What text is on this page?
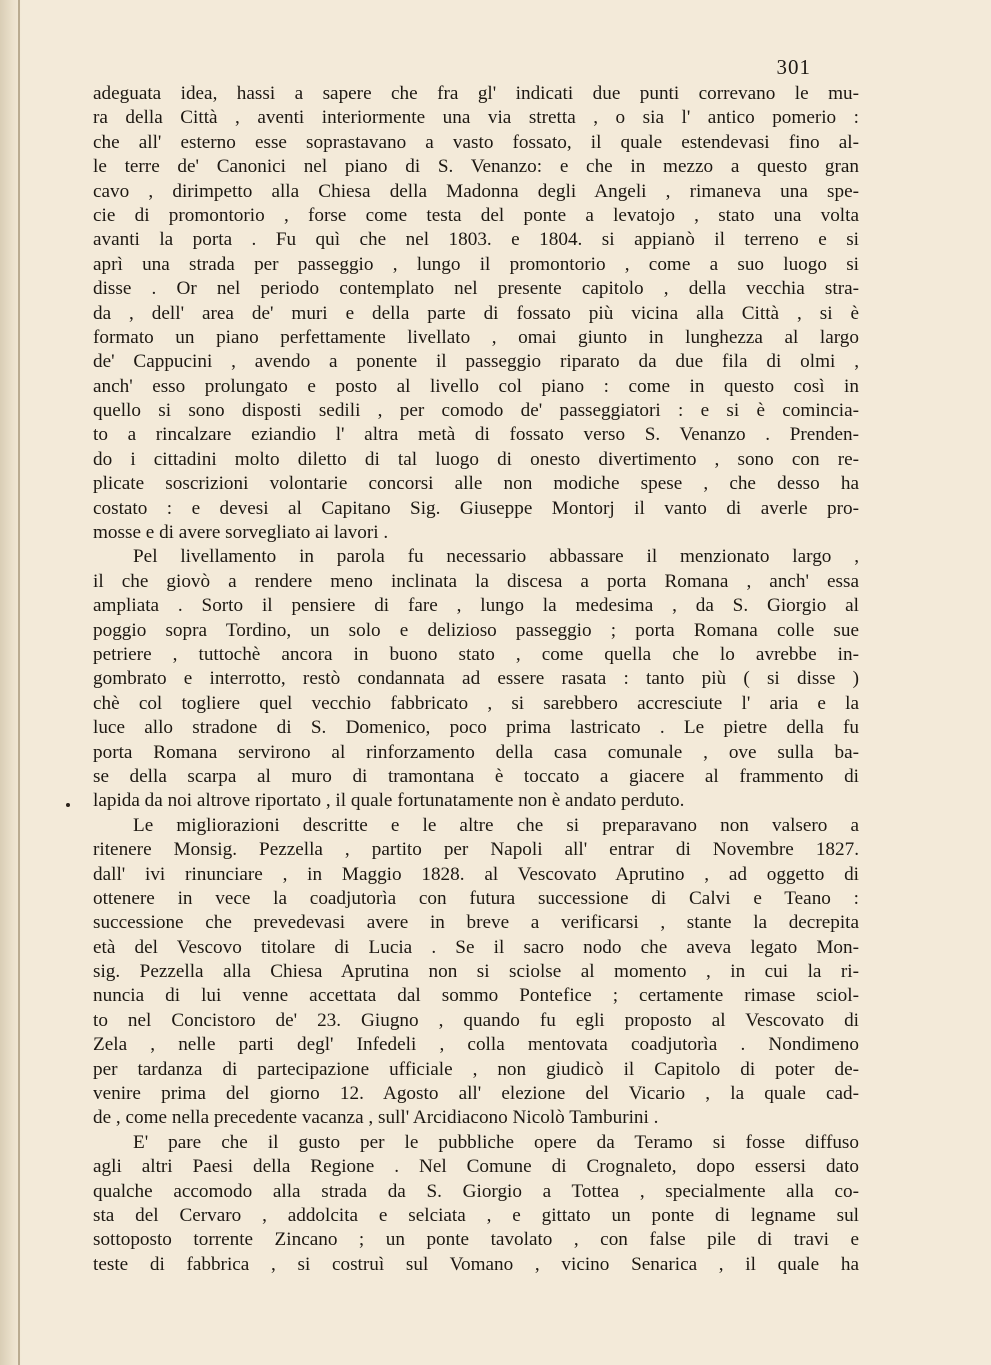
301
adeguata idea, hassi a sapere che fra gl' indicati due punti correvano le mu-
ra della Città , aventi interiormente una via stretta , o sia l' antico pomerio :
che all' esterno esse soprastavano a vasto fossato, il quale estendevasi fino al-
le terre de' Canonici nel piano di S. Venanzo: e che in mezzo a questo gran
cavo , dirimpetto alla Chiesa della Madonna degli Angeli , rimaneva una spe-
cie di promontorio , forse come testa del ponte a levatojo , stato una volta
avanti la porta . Fu quì che nel 1803. e 1804. si appianò il terreno e si
aprì una strada per passeggio , lungo il promontorio , come a suo luogo si
disse . Or nel periodo contemplato nel presente capitolo , della vecchia stra-
da , dell' area de' muri e della parte di fossato più vicina alla Città , si è
formato un piano perfettamente livellato , omai giunto in lunghezza al largo
de' Cappucini , avendo a ponente il passeggio riparato da due fila di olmi ,
anch' esso prolungato e posto al livello col piano : come in questo così in
quello si sono disposti sedili , per comodo de' passeggiatori : e si è comincia-
to a rincalzare eziandio l' altra metà di fossato verso S. Venanzo . Prenden-
do i cittadini molto diletto di tal luogo di onesto divertimento , sono con re-
plicate soscrizioni volontarie concorsi alle non modiche spese , che desso ha
costato : e devesi al Capitano Sig. Giuseppe Montorj il vanto di averle pro-
mosse e di avere sorvegliato ai lavori .
Pel livellamento in parola fu necessario abbassare il menzionato largo ,
il che giovò a rendere meno inclinata la discesa a porta Romana , anch' essa
ampliata . Sorto il pensiere di fare , lungo la medesima , da S. Giorgio al
poggio sopra Tordino, un solo e delizioso passeggio ; porta Romana colle sue
petriere , tuttochè ancora in buono stato , come quella che lo avrebbe in-
gombrato e interrotto, restò condannata ad essere rasata : tanto più ( si disse )
chè col togliere quel vecchio fabbricato , si sarebbero accresciute l' aria e la
luce allo stradone di S. Domenico, poco prima lastricato . Le pietre della fu
porta Romana servirono al rinforzamento della casa comunale , ove sulla ba-
se della scarpa al muro di tramontana è toccato a giacere al frammento di
lapida da noi altrove riportato , il quale fortunatamente non è andato perduto.
Le migliorazioni descritte e le altre che si preparavano non valsero a
ritenere Monsig. Pezzella , partito per Napoli all' entrar di Novembre 1827.
dall' ivi rinunciare , in Maggio 1828. al Vescovato Aprutino , ad oggetto di
ottenere in vece la coadjutorìa con futura successione di Calvi e Teano :
successione che prevedevasi avere in breve a verificarsi , stante la decrepita
età del Vescovo titolare di Lucia . Se il sacro nodo che aveva legato Mon-
sig. Pezzella alla Chiesa Aprutina non si sciolse al momento , in cui la ri-
nuncia di lui venne accettata dal sommo Pontefice ; certamente rimase sciol-
to nel Concistoro de' 23. Giugno , quando fu egli proposto al Vescovato di
Zela , nelle parti degl' Infedeli , colla mentovata coadjutorìa . Nondimeno
per tardanza di partecipazione ufficiale , non giudicò il Capitolo di poter de-
venire prima del giorno 12. Agosto all' elezione del Vicario , la quale cad-
de , come nella precedente vacanza , sull' Arcidiacono Nicolò Tamburini .
E' pare che il gusto per le pubbliche opere da Teramo si fosse diffuso
agli altri Paesi della Regione . Nel Comune di Crognaleto, dopo essersi dato
qualche accomodo alla strada da S. Giorgio a Tottea , specialmente alla co-
sta del Cervaro , addolcita e selciata , e gittato un ponte di legname sul
sottoposto torrente Zincano ; un ponte tavolato , con false pile di travi e
teste di fabbrica , si costruì sul Vomano , vicino Senarica , il quale ha
